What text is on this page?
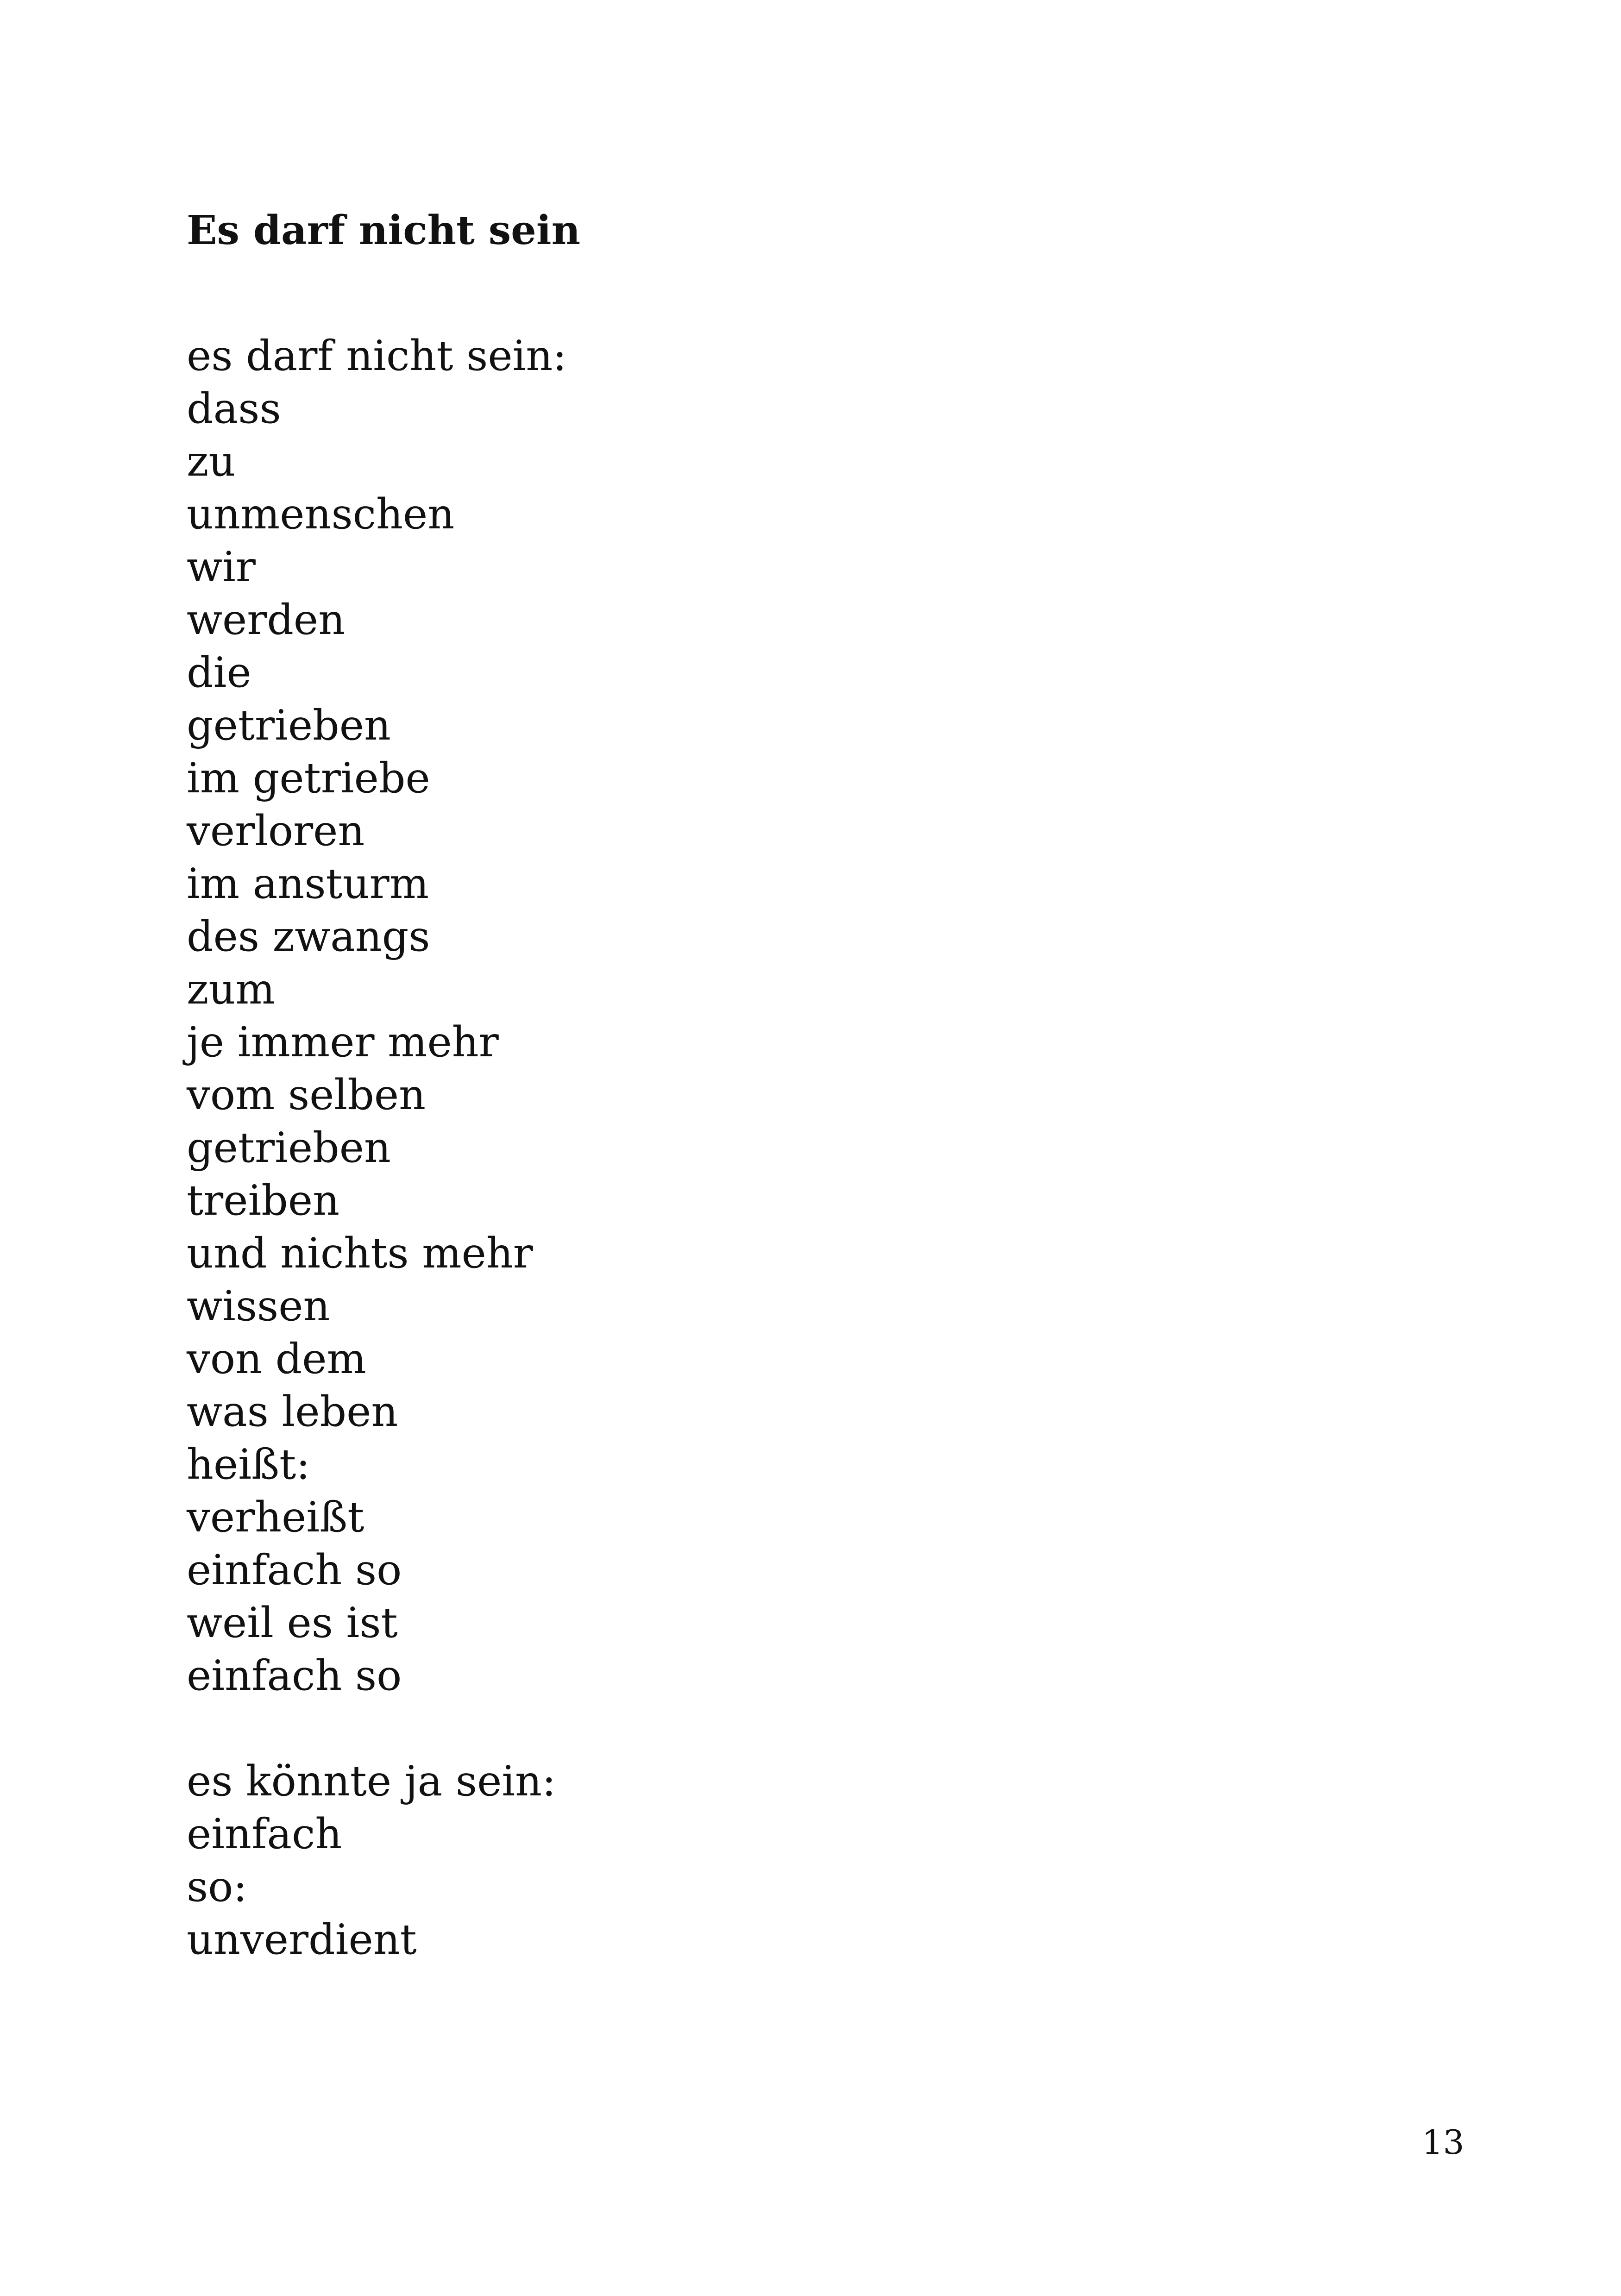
Es darf nicht sein

es darf nicht sein:
dass
zu
unmenschen
wir
werden
die
getrieben
im getriebe
verloren
im ansturm
des zwangs
zum
je immer mehr
vom selben
getrieben
treiben
und nichts mehr
wissen
von dem
was leben
heißt:
verheißt
einfach so
weil es ist
einfach so

es könnte ja sein:
einfach
so:
unverdient

13
